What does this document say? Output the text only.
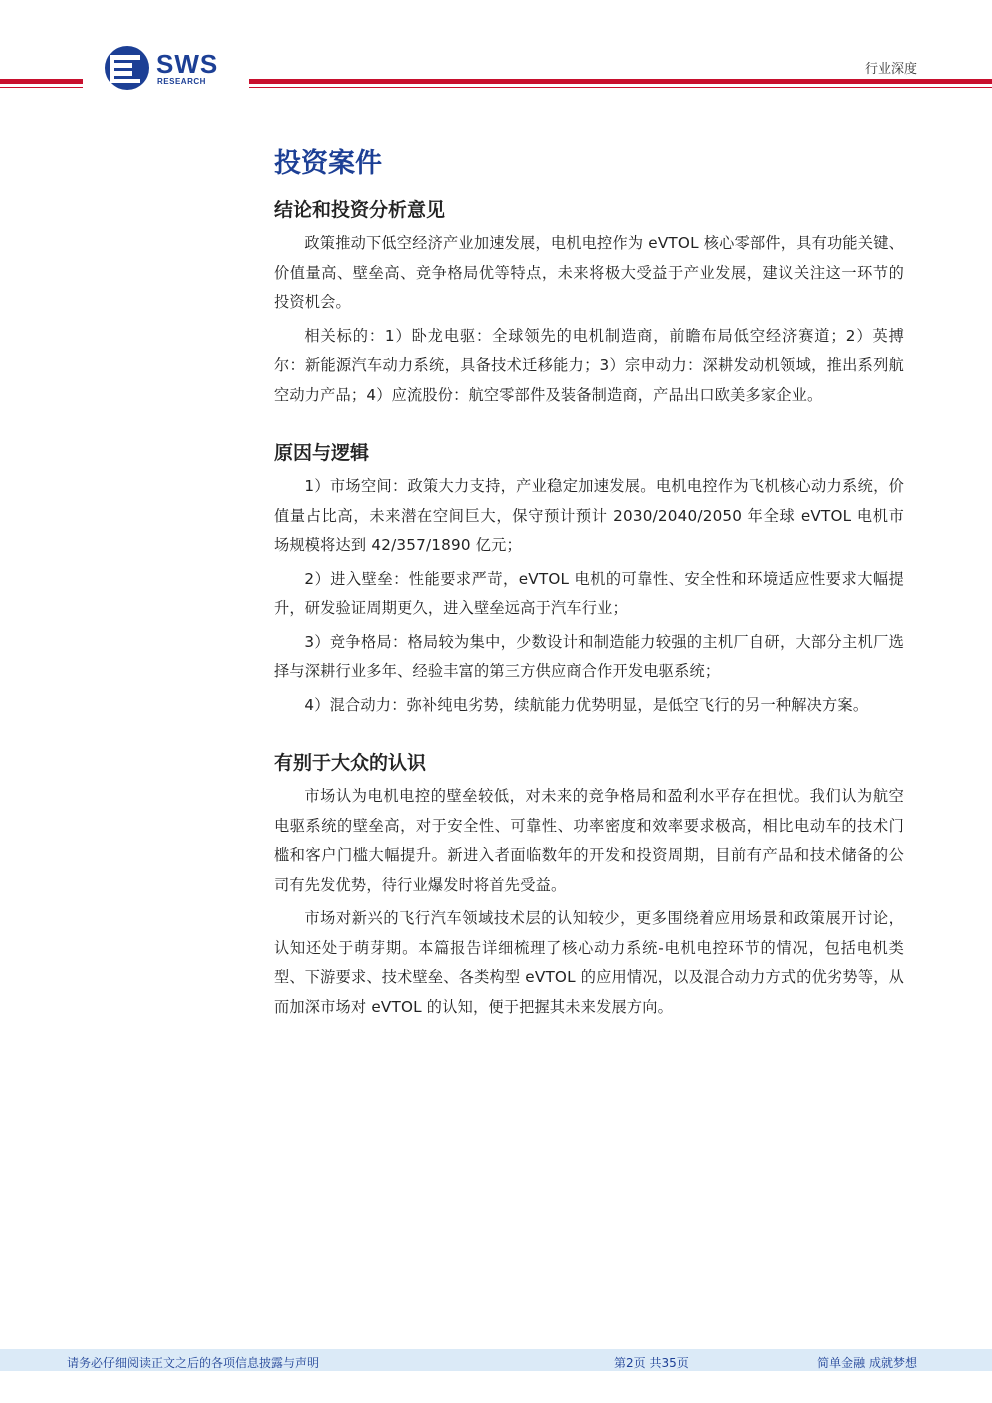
SWS
RESEARCH
行业深度
投资案件
结论和投资分析意见

政策推动下低空经济产业加速发展，电机电控作为 eVTOL 核心零部件，具有功能关键、价值量高、壁垒高、竞争格局优等特点，未来将极大受益于产业发展，建议关注这一环节的投资机会。

相关标的：1）卧龙电驱：全球领先的电机制造商，前瞻布局低空经济赛道；2）英搏尔：新能源汽车动力系统，具备技术迁移能力；3）宗申动力：深耕发动机领域，推出系列航空动力产品；4）应流股份：航空零部件及装备制造商，产品出口欧美多家企业。

原因与逻辑

1）市场空间：政策大力支持，产业稳定加速发展。电机电控作为飞机核心动力系统，价值量占比高，未来潜在空间巨大，保守预计预计 2030/2040/2050 年全球 eVTOL 电机市场规模将达到 42/357/1890 亿元；

2）进入壁垒：性能要求严苛，eVTOL 电机的可靠性、安全性和环境适应性要求大幅提升，研发验证周期更久，进入壁垒远高于汽车行业；

3）竞争格局：格局较为集中，少数设计和制造能力较强的主机厂自研，大部分主机厂选择与深耕行业多年、经验丰富的第三方供应商合作开发电驱系统；

4）混合动力：弥补纯电劣势，续航能力优势明显，是低空飞行的另一种解决方案。

有别于大众的认识

市场认为电机电控的壁垒较低，对未来的竞争格局和盈利水平存在担忧。我们认为航空电驱系统的壁垒高，对于安全性、可靠性、功率密度和效率要求极高，相比电动车的技术门槛和客户门槛大幅提升。新进入者面临数年的开发和投资周期，目前有产品和技术储备的公司有先发优势，待行业爆发时将首先受益。

市场对新兴的飞行汽车领域技术层的认知较少，更多围绕着应用场景和政策展开讨论，认知还处于萌芽期。本篇报告详细梳理了核心动力系统-电机电控环节的情况，包括电机类型、下游要求、技术壁垒、各类构型 eVTOL 的应用情况，以及混合动力方式的优劣势等，从而加深市场对 eVTOL 的认知，便于把握其未来发展方向。

请务必仔细阅读正文之后的各项信息披露与声明	第2页 共35页	简单金融 成就梦想
